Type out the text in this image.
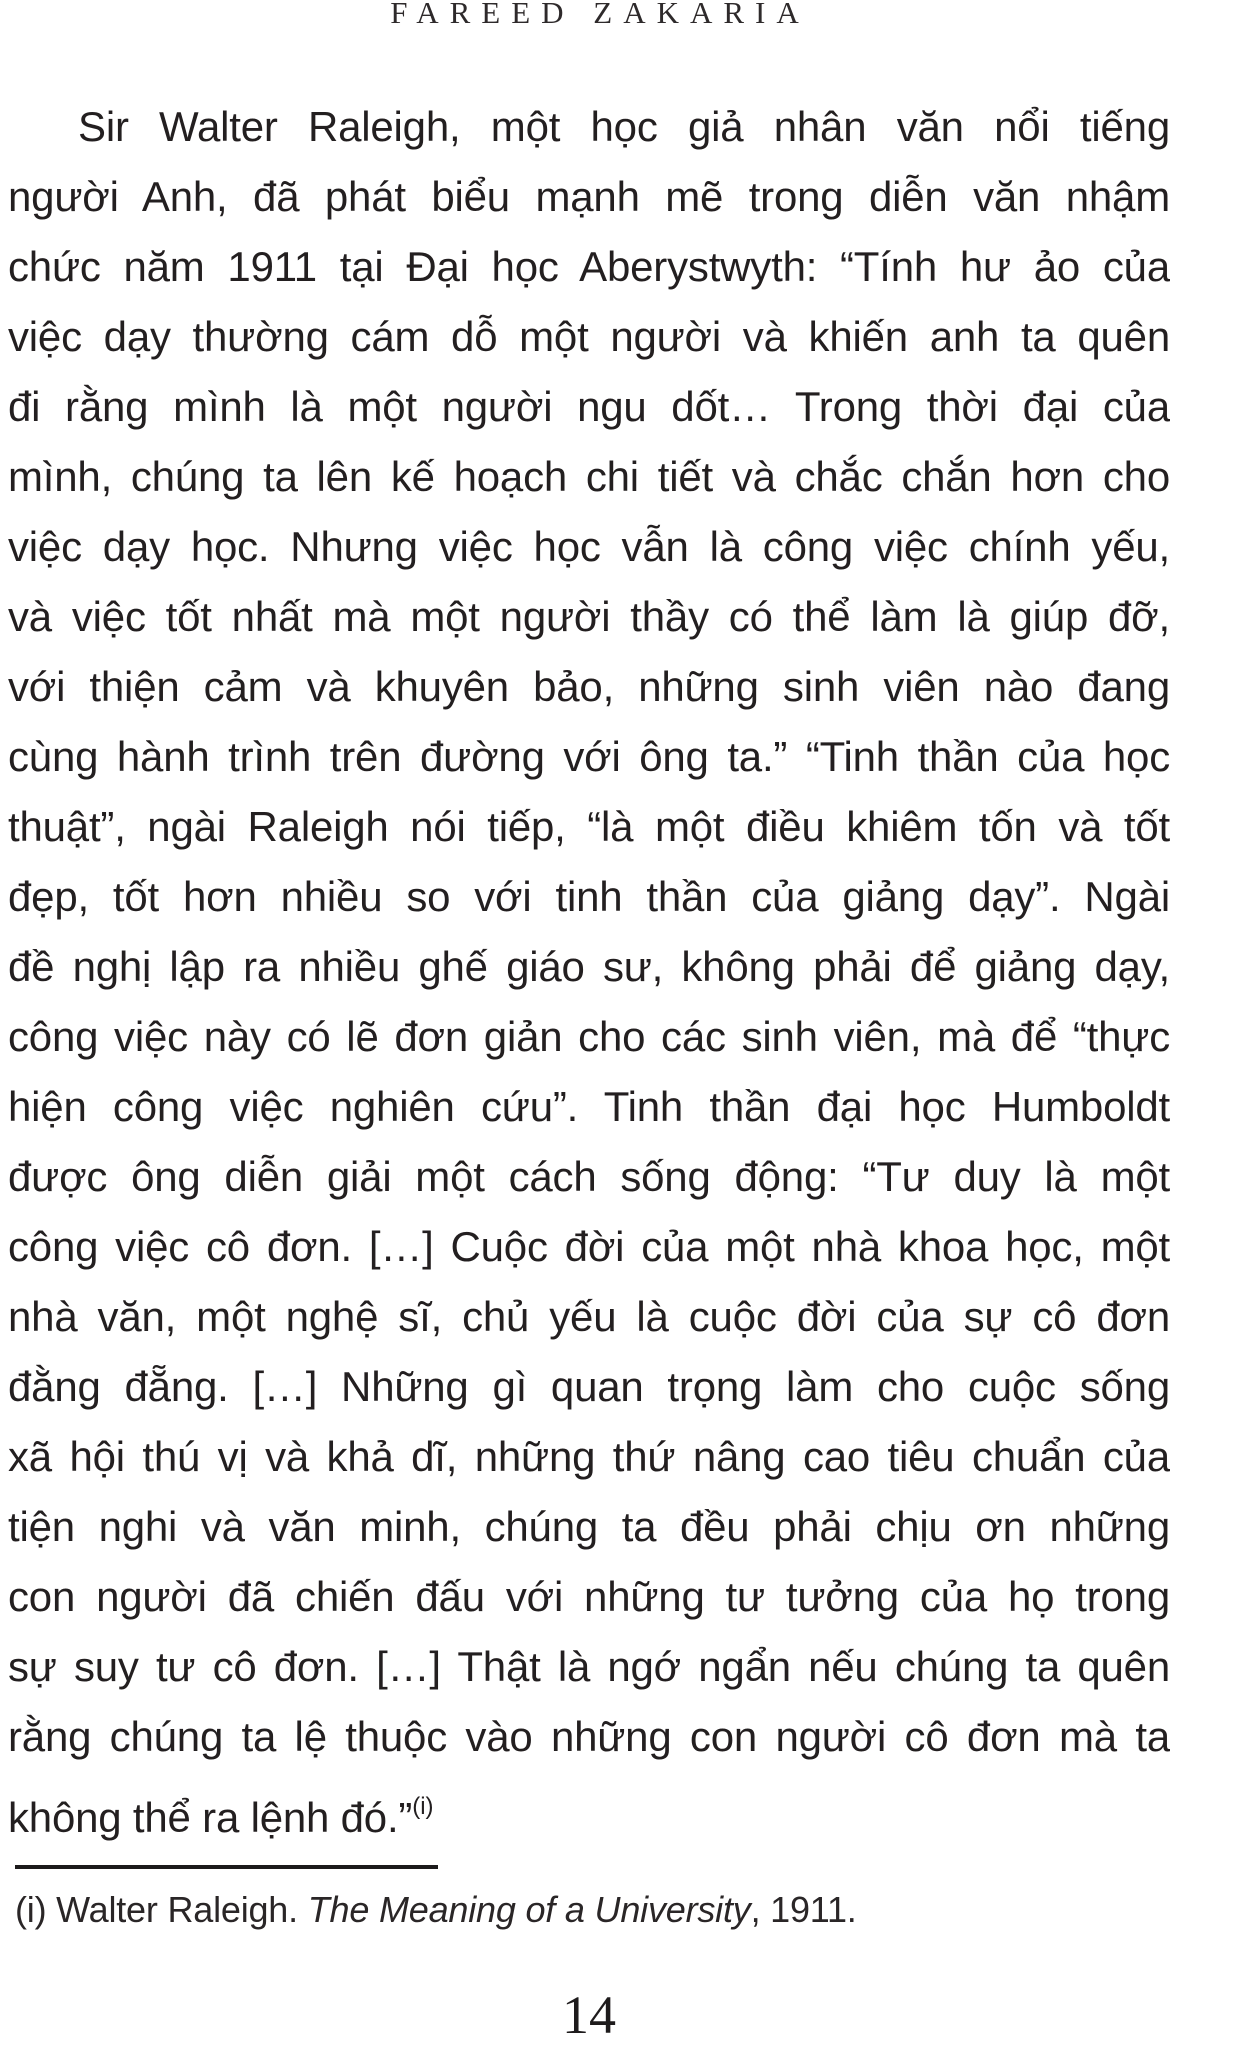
FAREED ZAKARIA
Sir Walter Raleigh, một học giả nhân văn nổi tiếng
người Anh, đã phát biểu mạnh mẽ trong diễn văn nhậm
chức năm 1911 tại Đại học Aberystwyth: “Tính hư ảo của
việc dạy thường cám dỗ một người và khiến anh ta quên
đi rằng mình là một người ngu dốt… Trong thời đại của
mình, chúng ta lên kế hoạch chi tiết và chắc chắn hơn cho
việc dạy học. Nhưng việc học vẫn là công việc chính yếu,
và việc tốt nhất mà một người thầy có thể làm là giúp đỡ,
với thiện cảm và khuyên bảo, những sinh viên nào đang
cùng hành trình trên đường với ông ta.” “Tinh thần của học
thuật”, ngài Raleigh nói tiếp, “là một điều khiêm tốn và tốt
đẹp, tốt hơn nhiều so với tinh thần của giảng dạy”. Ngài
đề nghị lập ra nhiều ghế giáo sư, không phải để giảng dạy,
công việc này có lẽ đơn giản cho các sinh viên, mà để “thực
hiện công việc nghiên cứu”. Tinh thần đại học Humboldt
được ông diễn giải một cách sống động: “Tư duy là một
công việc cô đơn. […] Cuộc đời của một nhà khoa học, một
nhà văn, một nghệ sĩ, chủ yếu là cuộc đời của sự cô đơn
đằng đẵng. […] Những gì quan trọng làm cho cuộc sống
xã hội thú vị và khả dĩ, những thứ nâng cao tiêu chuẩn của
tiện nghi và văn minh, chúng ta đều phải chịu ơn những
con người đã chiến đấu với những tư tưởng của họ trong
sự suy tư cô đơn. […] Thật là ngớ ngẩn nếu chúng ta quên
rằng chúng ta lệ thuộc vào những con người cô đơn mà ta
không thể ra lệnh đó.”$^{(i)}$
(i) Walter Raleigh. The Meaning of a University, 1911.
14
